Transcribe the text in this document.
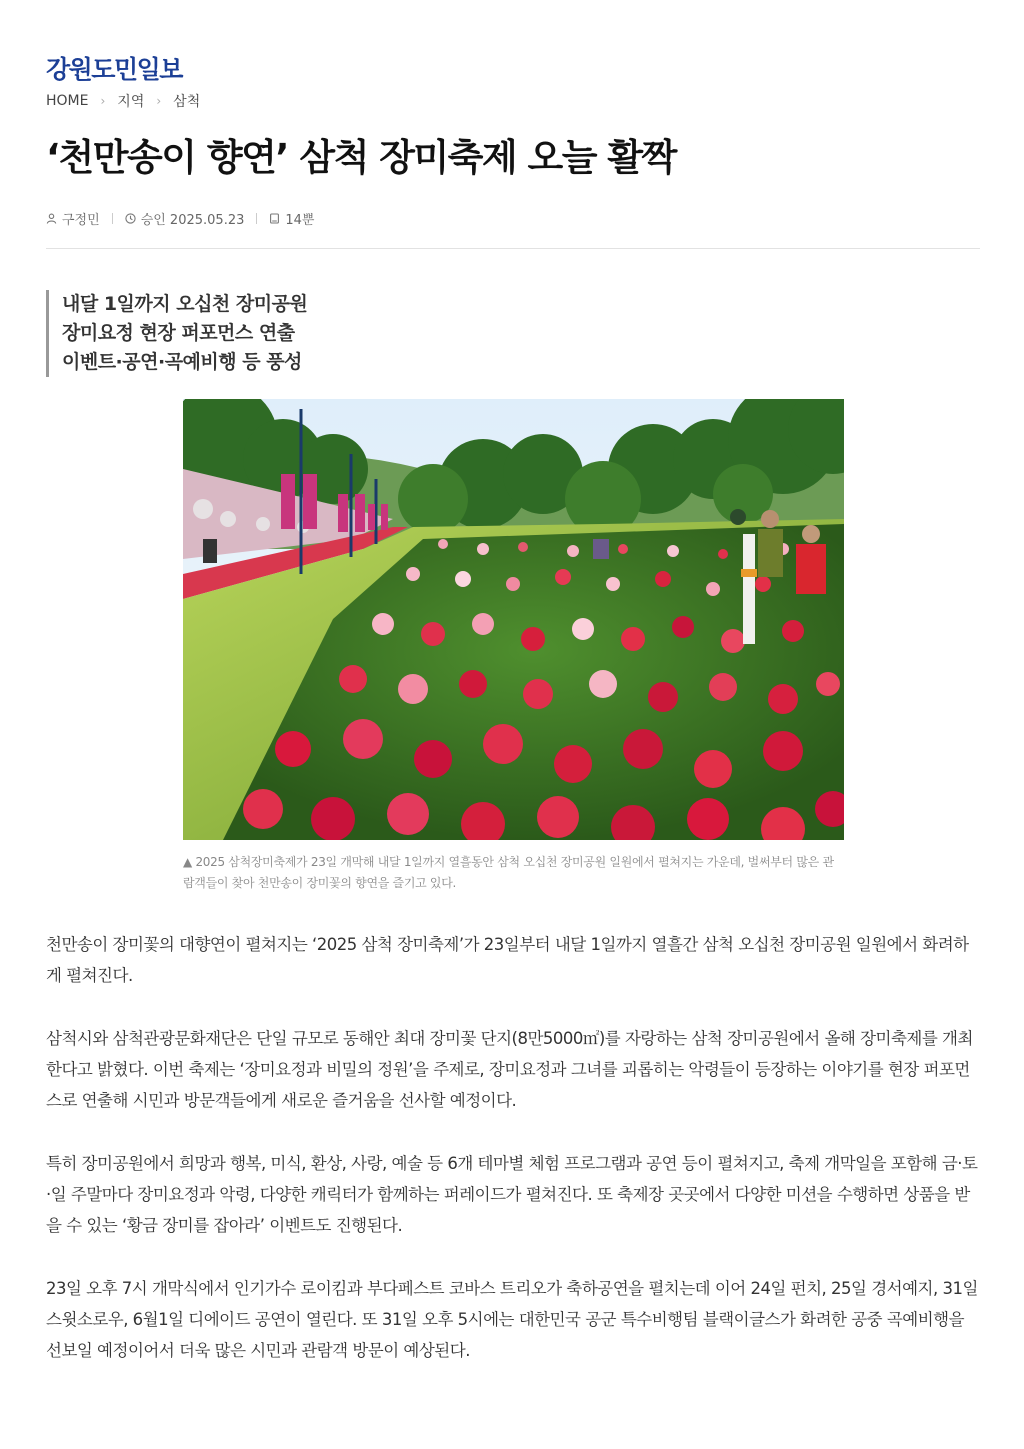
강원도민일보
HOME › 지역 › 삼척
‘천만송이 향연’ 삼척 장미축제 오늘 활짝
구정민	승인 2025.05.23	14뿐
내달 1일까지 오십천 장미공원
장미요정 현장 퍼포먼스 연출
이벤트·공연·곡예비행 등 풍성

▲ 2025 삼척장미축제가 23일 개막해 내달 1일까지 열흘동안 삼척 오십천 장미공원 일원에서 펼쳐지는 가운데, 벌써부터 많은 관람객들이 찾아 천만송이 장미꽃의 향연을 즐기고 있다.

천만송이 장미꽃의 대향연이 펼쳐지는 ‘2025 삼척 장미축제’가 23일부터 내달 1일까지 열흘간 삼척 오십천 장미공원 일원에서 화려하게 펼쳐진다.

삼척시와 삼척관광문화재단은 단일 규모로 동해안 최대 장미꽃 단지(8만5000㎡)를 자랑하는 삼척 장미공원에서 올해 장미축제를 개최한다고 밝혔다. 이번 축제는 ‘장미요정과 비밀의 정원’을 주제로, 장미요정과 그녀를 괴롭히는 악령들이 등장하는 이야기를 현장 퍼포먼스로 연출해 시민과 방문객들에게 새로운 즐거움을 선사할 예정이다.

특히 장미공원에서 희망과 행복, 미식, 환상, 사랑, 예술 등 6개 테마별 체험 프로그램과 공연 등이 펼쳐지고, 축제 개막일을 포함해 금·토·일 주말마다 장미요정과 악령, 다양한 캐릭터가 함께하는 퍼레이드가 펼쳐진다. 또 축제장 곳곳에서 다양한 미션을 수행하면 상품을 받을 수 있는 ‘황금 장미를 잡아라’ 이벤트도 진행된다.

23일 오후 7시 개막식에서 인기가수 로이킴과 부다페스트 코바스 트리오가 축하공연을 펼치는데 이어 24일 펀치, 25일 경서예지, 31일 스윗소로우, 6월1일 디에이드 공연이 열린다. 또 31일 오후 5시에는 대한민국 공군 특수비행팀 블랙이글스가 화려한 공중 곡예비행을 선보일 예정이어서 더욱 많은 시민과 관람객 방문이 예상된다.
